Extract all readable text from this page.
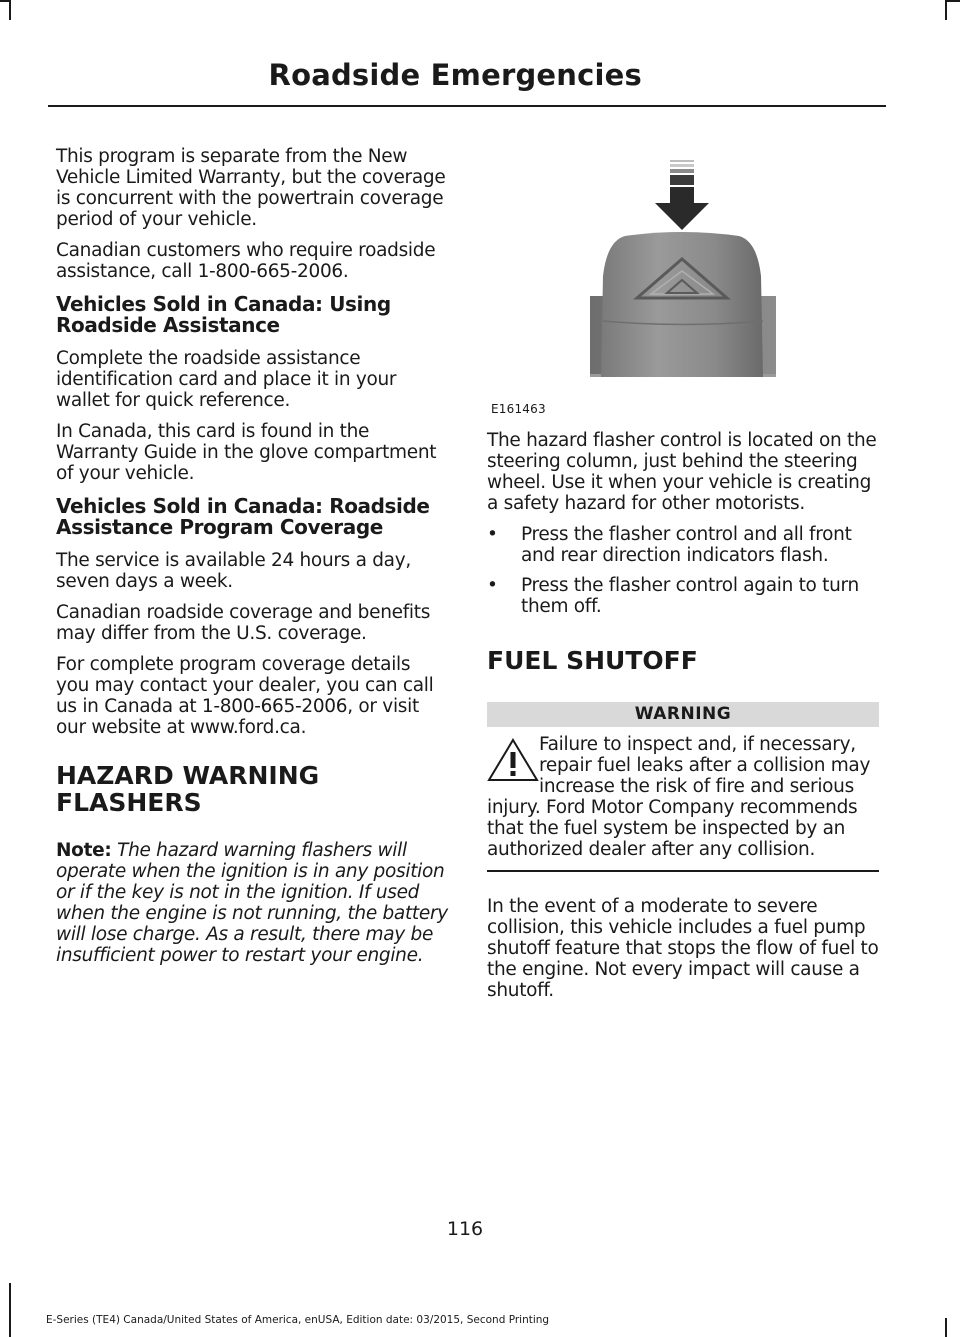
Roadside Emergencies

This program is separate from the New Vehicle Limited Warranty, but the coverage is concurrent with the powertrain coverage period of your vehicle.

Canadian customers who require roadside assistance, call 1-800-665-2006.

Vehicles Sold in Canada: Using Roadside Assistance

Complete the roadside assistance identification card and place it in your wallet for quick reference.

In Canada, this card is found in the Warranty Guide in the glove compartment of your vehicle.

Vehicles Sold in Canada: Roadside Assistance Program Coverage

The service is available 24 hours a day, seven days a week.

Canadian roadside coverage and benefits may differ from the U.S. coverage.

For complete program coverage details you may contact your dealer, you can call us in Canada at 1-800-665-2006, or visit our website at www.ford.ca.

HAZARD WARNING FLASHERS

Note: The hazard warning flashers will operate when the ignition is in any position or if the key is not in the ignition. If used when the engine is not running, the battery will lose charge. As a result, there may be insufficient power to restart your engine.

E161463

The hazard flasher control is located on the steering column, just behind the steering wheel. Use it when your vehicle is creating a safety hazard for other motorists.

•	Press the flasher control and all front and rear direction indicators flash.
•	Press the flasher control again to turn them off.
FUEL SHUTOFF
WARNING
Failure to inspect and, if necessary, repair fuel leaks after a collision may increase the risk of fire and serious injury. Ford Motor Company recommends that the fuel system be inspected by an authorized dealer after any collision.

In the event of a moderate to severe collision, this vehicle includes a fuel pump shutoff feature that stops the flow of fuel to the engine. Not every impact will cause a shutoff.

116
E-Series (TE4) Canada/United States of America, enUSA, Edition date: 03/2015, Second Printing
